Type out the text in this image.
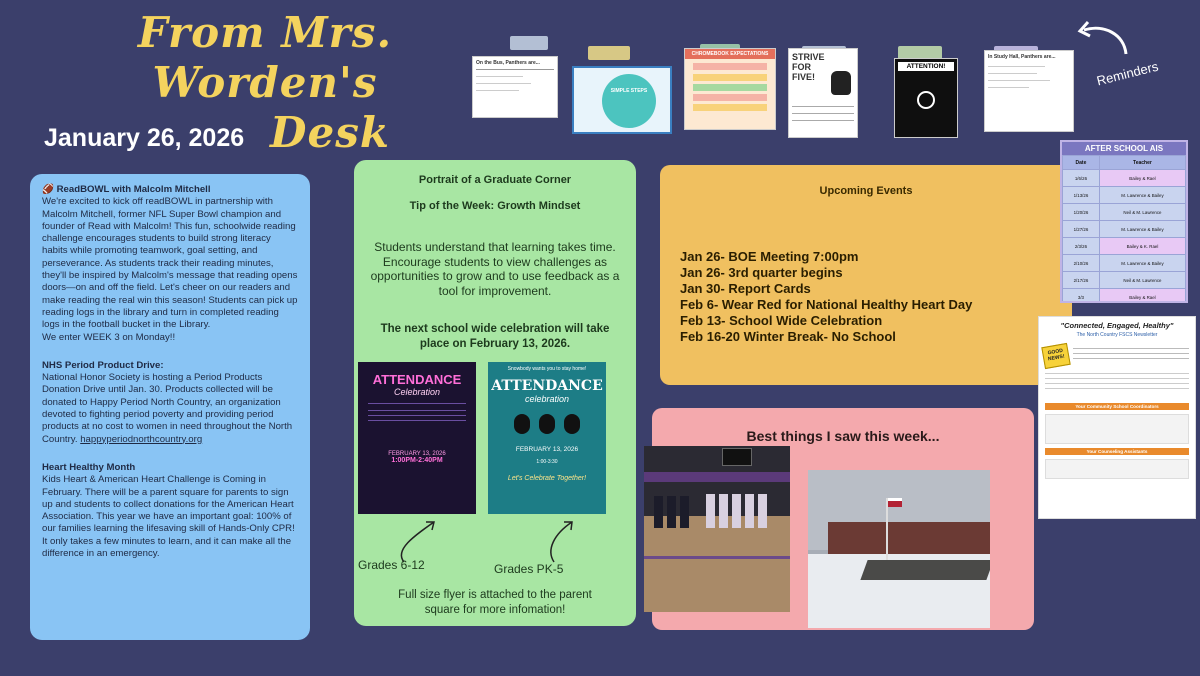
From Mrs. Worden's
Desk
January 26, 2026
On the Bus, Panthers are...
SIMPLE STEPS
CHROMEBOOK EXPECTATIONS	STRIVE FOR FIVE!
ATTENTION!
In Study Hall, Panthers are...
Reminders

🏈 ReadBOWL with Malcolm Mitchell
We're excited to kick off readBOWL in partnership with Malcolm Mitchell, former NFL Super Bowl champion and founder of Read with Malcolm! This fun, schoolwide reading challenge encourages students to build strong literacy habits while promoting teamwork, goal setting, and perseverance. As students track their reading minutes, they'll be inspired by Malcolm's message that reading opens doors—on and off the field. Let's cheer on our readers and make reading the real win this season! Students can pick up reading logs in the library and turn in completed reading logs in the football bucket in the Library.
We enter WEEK 3 on Monday!!

NHS Period Product Drive:
National Honor Society is hosting a Period Products Donation Drive until Jan. 30. Products collected will be donated to Happy Period North Country, an organization devoted to fighting period poverty and providing period products at no cost to women in need throughout the North Country. happyperiodnorthcountry.org

Heart Healthy Month
Kids Heart & American Heart Challenge is Coming in February. There will be a parent square for parents to sign up and students to collect donations for the American Heart Association. This year we have an important goal: 100% of our families learning the lifesaving skill of Hands-Only CPR! It only takes a few minutes to learn, and it can make all the difference in an emergency.

Portrait of a Graduate Corner
Tip of the Week: Growth Mindset
Students understand that learning takes time. Encourage students to view challenges as opportunities to grow and to use feedback as a tool for improvement.
The next school wide celebration will take place on February 13, 2026.
ATTENDANCE
Celebration
FEBRUARY 13, 2026
1:00PM-2:40PM
Snowbody wants you to stay home!
ATTENDANCE
celebration
FEBRUARY 13, 2026
1:00-3:30
Let's Celebrate Together!
Grades 6-12	Grades PK-5
Full size flyer is attached to the parent square for more infomation!
Upcoming Events
Jan 26- BOE Meeting 7:00pm
Jan 26- 3rd quarter begins
Jan 30- Report Cards
Feb 6- Wear Red for National Healthy Heart Day
Feb 13- School Wide Celebration
Feb 16-20 Winter Break- No School
AFTER SCHOOL AIS
Date	Teacher
1/6/26	Bailey & Rael
1/13/26	M. Lawrence & Bailey
1/20/26	Neil & M. Lawrence
1/27/26	M. Lawrence & Bailey
2/3/26	Bailey & K. Rael
2/10/26	M. Lawrence & Bailey
2/17/26	Neil & M. Lawrence
3/3	Bailey & Rael
"Connected, Engaged, Healthy"
The North Country FSCS Newsletter
GOOD NEWS!
Your Community School Coordinators
Your Counseling Assistants
Best things I saw this week...
